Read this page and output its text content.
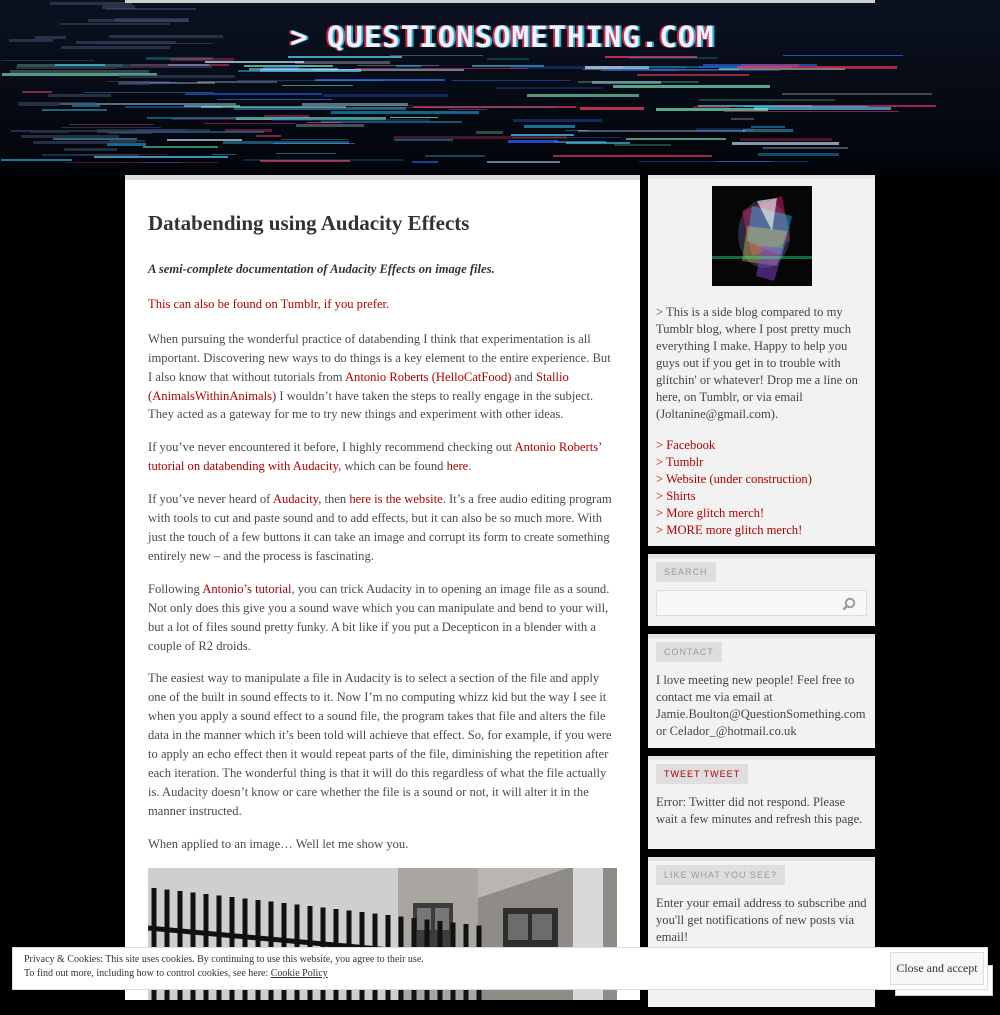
> QUESTIONSOMETHING.COM
Databending using Audacity Effects

A semi-complete documentation of Audacity Effects on image files.

This can also be found on Tumblr, if you prefer.

When pursuing the wonderful practice of databending I think that experimentation is all important. Discovering new ways to do things is a key element to the entire experience. But I also know that without tutorials from Antonio Roberts (HelloCatFood) and Stallio (AnimalsWithinAnimals) I wouldn’t have taken the steps to really engage in the subject. They acted as a gateway for me to try new things and experiment with other ideas.

If you’ve never encountered it before, I highly recommend checking out Antonio Roberts’ tutorial on databending with Audacity, which can be found here.

If you’ve never heard of Audacity, then here is the website. It’s a free audio editing program with tools to cut and paste sound and to add effects, but it can also be so much more. With just the touch of a few buttons it can take an image and corrupt its form to create something entirely new – and the process is fascinating.

Following Antonio’s tutorial, you can trick Audacity in to opening an image file as a sound. Not only does this give you a sound wave which you can manipulate and bend to your will, but a lot of files sound pretty funky. A bit like if you put a Decepticon in a blender with a couple of R2 droids.

The easiest way to manipulate a file in Audacity is to select a section of the file and apply one of the built in sound effects to it. Now I’m no computing whizz kid but the way I see it when you apply a sound effect to a sound file, the program takes that file and alters the file data in the manner which it’s been told will achieve that effect. So, for example, if you were to apply an echo effect then it would repeat parts of the file, diminishing the repetition after each iteration. The wonderful thing is that it will do this regardless of what the file actually is. Audacity doesn’t know or care whether the file is a sound or not, it will alter it in the manner instructed.

When applied to an image… Well let me show you.

> This is a side blog compared to my Tumblr blog, where I post pretty much everything I make. Happy to help you guys out if you get in to trouble with glitchin' or whatever! Drop me a line on here, on Tumblr, or via email (Joltanine@gmail.com).
> Facebook
> Tumblr
> Website (under construction)
> Shirts
> More glitch merch!
> MORE more glitch merch!
SEARCH
CONTACT
I love meeting new people! Feel free to contact me via email at Jamie.Boulton@QuestionSomething.com or Celador_@hotmail.co.uk
TWEET TWEET
Error: Twitter did not respond. Please wait a few minutes and refresh this page.
LIKE WHAT YOU SEE?
Enter your email address to subscribe and you'll get notifications of new posts via email!
Enter your email address
Privacy & Cookies: This site uses cookies. By continuing to use this website, you agree to their use.
To find out more, including how to control cookies, see here: Cookie Policy	Close and accept
